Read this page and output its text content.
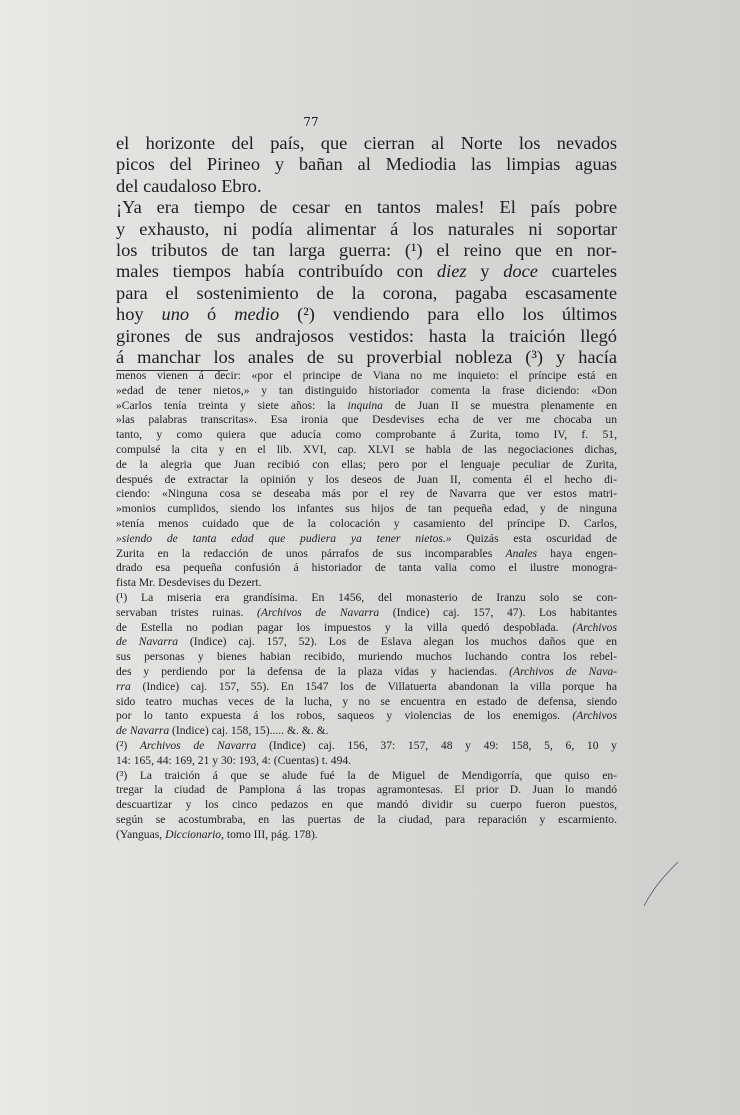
77
el horizonte del país, que cierran al Norte los nevados
picos del Pirineo y bañan al Mediodia las limpias aguas
del caudaloso Ebro.
¡Ya era tiempo de cesar en tantos males! El país pobre
y exhausto, ni podía alimentar á los naturales ni soportar
los tributos de tan larga guerra: (¹) el reino que en nor-
males tiempos había contribuído con diez y doce cuarteles
para el sostenimiento de la corona, pagaba escasamente
hoy uno ó medio (²) vendiendo para ello los últimos
girones de sus andrajosos vestidos: hasta la traición llegó
á manchar los anales de su proverbial nobleza (³) y hacía
menos vienen á decir: «por el principe de Viana no me inquieto: el príncipe está en
»edad de tener nietos,» y tan distinguido historiador comenta la frase diciendo: «Don
»Carlos tenía treinta y siete años: la inquina de Juan II se muestra plenamente en
»las palabras transcritas». Esa ironia que Desdevises echa de ver me chocaba un
tanto, y como quiera que aducía como comprobante á Zurita, tomo IV, f. 51,
compulsé la cita y en el lib. XVI, cap. XLVI se habla de las negociaciones dichas,
de la alegria que Juan recibió con ellas; pero por el lenguaje peculiar de Zurita,
después de extractar la opinión y los deseos de Juan II, comenta él el hecho di-
ciendo: «Ninguna cosa se deseaba más por el rey de Navarra que ver estos matri-
»monios cumplidos, siendo los infantes sus hijos de tan pequeña edad, y de ninguna
»tenía menos cuidado que de la colocación y casamiento del príncipe D. Carlos,
»siendo de tanta edad que pudiera ya tener nietos.» Quizás esta oscuridad de
Zurita en la redacción de unos párrafos de sus incomparables Anales haya engen-
drado esa pequeña confusión á historiador de tanta valia como el ilustre monogra-
fista Mr. Desdevises du Dezert.
(¹) La miseria era grandísima. En 1456, del monasterio de Iranzu solo se con-
servaban tristes ruinas. (Archivos de Navarra (Indice) caj. 157, 47). Los habitantes
de Estella no podian pagar los impuestos y la villa quedó despoblada. (Archivos
de Navarra (Indice) caj. 157, 52). Los de Eslava alegan los muchos daños que en
sus personas y bienes habian recibido, muriendo muchos luchando contra los rebel-
des y perdiendo por la defensa de la plaza vidas y haciendas. (Archivos de Nava-
rra (Indice) caj. 157, 55). En 1547 los de Villatuerta abandonan la villa porque ha
sido teatro muchas veces de la lucha, y no se encuentra en estado de defensa, siendo
por lo tanto expuesta á los robos, saqueos y violencias de los enemigos. (Archivos
de Navarra (Indice) caj. 158, 15)..... &. &. &.
(²) Archivos de Navarra (Indice) caj. 156, 37: 157, 48 y 49: 158, 5, 6, 10 y
14: 165, 44: 169, 21 y 30: 193, 4: (Cuentas) t. 494.
(³) La traición á que se alude fué la de Miguel de Mendigorría, que quiso en-
tregar la ciudad de Pamplona á las tropas agramontesas. El prior D. Juan lo mandó
descuartizar y los cinco pedazos en que mandó dividir su cuerpo fueron puestos,
según se acostumbraba, en las puertas de la ciudad, para reparación y escarmiento.
(Yanguas, Diccionario, tomo III, pág. 178).
